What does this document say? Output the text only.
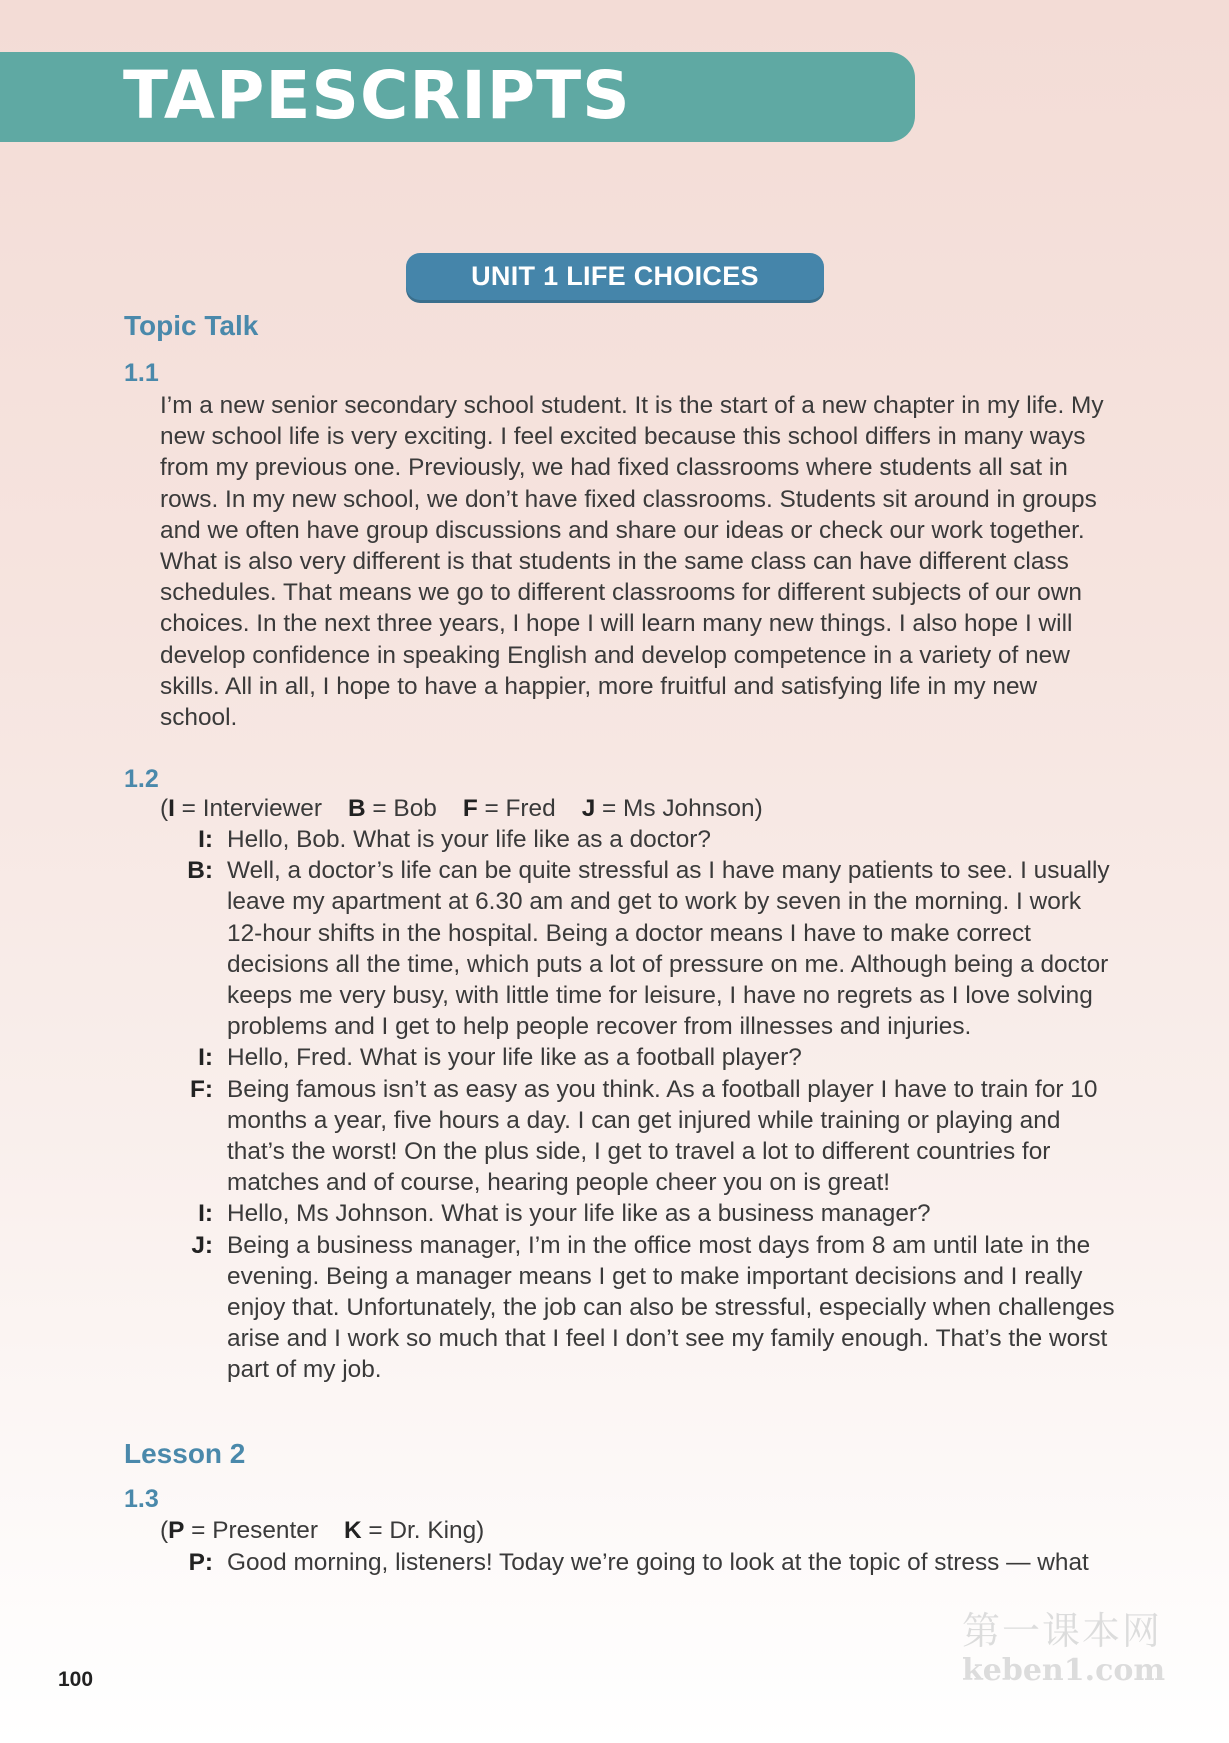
TAPESCRIPTS
UNIT 1 LIFE CHOICES
Topic Talk
1.1

I’m a new senior secondary school student. It is the start of a new chapter in my life. My new school life is very exciting. I feel excited because this school differs in many ways from my previous one. Previously, we had fixed classrooms where students all sat in rows. In my new school, we don’t have fixed classrooms. Students sit around in groups and we often have group discussions and share our ideas or check our work together. What is also very different is that students in the same class can have different class schedules. That means we go to different classrooms for different subjects of our own choices. In the next three years, I hope I will learn many new things. I also hope I will develop confidence in speaking English and develop competence in a variety of new skills. All in all, I hope to have a happier, more fruitful and satisfying life in my new school.

1.2
(I = Interviewer B = Bob F = Fred J = Ms Johnson)
I: Hello, Bob. What is your life like as a doctor?
B: Well, a doctor’s life can be quite stressful as I have many patients to see. I usually leave my apartment at 6.30 am and get to work by seven in the morning. I work 12-hour shifts in the hospital. Being a doctor means I have to make correct decisions all the time, which puts a lot of pressure on me. Although being a doctor keeps me very busy, with little time for leisure, I have no regrets as I love solving problems and I get to help people recover from illnesses and injuries.
I: Hello, Fred. What is your life like as a football player?
F: Being famous isn’t as easy as you think. As a football player I have to train for 10 months a year, five hours a day. I can get injured while training or playing and that’s the worst! On the plus side, I get to travel a lot to different countries for matches and of course, hearing people cheer you on is great!
I: Hello, Ms Johnson. What is your life like as a business manager?
J: Being a business manager, I’m in the office most days from 8 am until late in the evening. Being a manager means I get to make important decisions and I really enjoy that. Unfortunately, the job can also be stressful, especially when challenges arise and I work so much that I feel I don’t see my family enough. That’s the worst part of my job.
Lesson 2
1.3
(P = Presenter K = Dr. King)
P: Good morning, listeners! Today we’re going to look at the topic of stress — what
100
第一课本网
keben1.com
